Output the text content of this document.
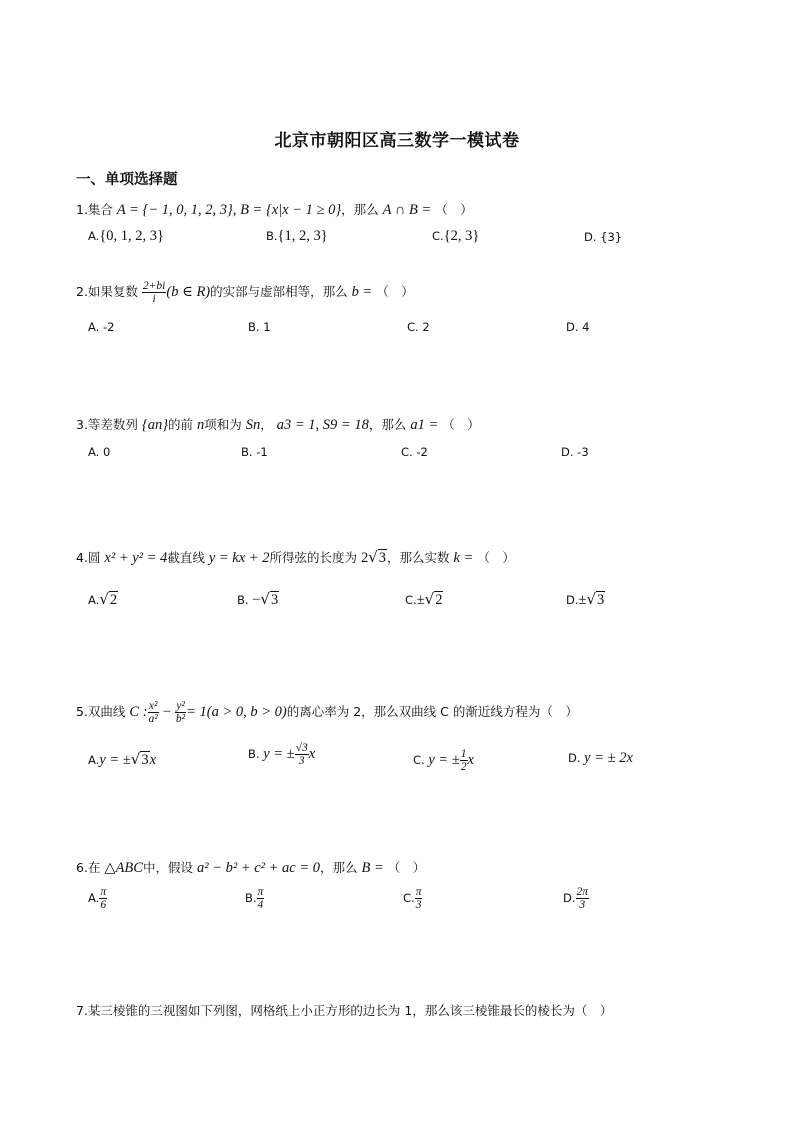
北京市朝阳区高三数学一模试卷
一、单项选择题
1.集合 A = {− 1, 0, 1, 2, 3}, B = {x|x − 1 ≥ 0}，那么 A ∩ B = （　）
A.{0, 1, 2, 3}	B.{1, 2, 3}	C.{2, 3}	D. {3}
2.如果复数 $\frac{2+bi}{i} (b$ ∈ R)的实部与虚部相等，那么 b = （　）
A. -2	B. 1	C. 2	D. 4
3.等差数列 {an}的前 n项和为 Sn， a3 = 1, S9 = 18，那么 a1 = （　）
A. 0	B. -1	C. -2	D. -3
4.圆 x² + y² = 4截直线 y = kx + 2所得弦的长度为 2√3，那么实数 k = （　）
A.√2	B. −√3	C.±√2	D.±√3
5.双曲线 C : $\frac{\text{x²}}{\text{a²}} - \frac{\text{y²}}{\text{b²}} = 1(a > 0$, b > 0)的离心率为 2，那么双曲线 C 的渐近线方程为（　）
A.y = ±√3x	B. y = ± $\frac{√3}{3}$ x	C. y = ± $\frac{1}{2}$ x	D. y = ± 2x
6.在 △ABC中，假设 a² − b² + c² + ac = 0，那么 B = （　）
A. $\frac{\pi}{6}$	B. $\frac{\pi}{4}$	C. $\frac{\pi}{3}$	D. $\frac{2\pi}{3}$
7.某三棱锥的三视图如下列图，网格纸上小正方形的边长为 1，那么该三棱锥最长的棱长为（　）
